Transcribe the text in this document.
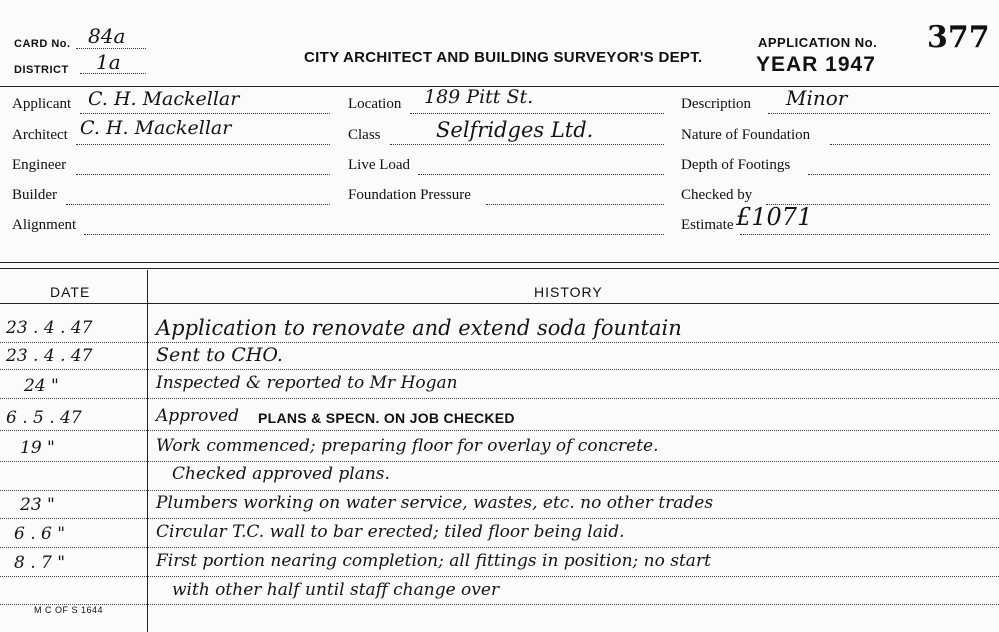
CARD No. 84a
DISTRICT 1a	CITY ARCHITECT AND BUILDING SURVEYOR'S DEPT.
APPLICATION No. 377
YEAR 1947
Applicant C. H. Mackellar
Architect C. H. Mackellar
Engineer
Builder
Alignment
Location 189 Pitt St.
Class	Selfridges Ltd.
Live Load
Foundation Pressure
Description Minor
Nature of Foundation
Depth of Footings
Checked by
Estimate £1071
DATE	HISTORY
23 . 4 . 47	Application to renovate and extend soda fountain
23 . 4 . 47	Sent to CHO.
24 "	Inspected & reported to Mr Hogan
6 . 5 . 47	Approved PLANS & SPECN. ON JOB CHECKED
19 "	Work commenced; preparing floor for overlay of concrete.
Checked approved plans.
23 "	Plumbers working on water service, wastes, etc. no other trades
6 . 6 "	Circular T.C. wall to bar erected; tiled floor being laid.
8 . 7 "	First portion nearing completion; all fittings in position; no start
with other half until staff change over
M C OF S 1644
